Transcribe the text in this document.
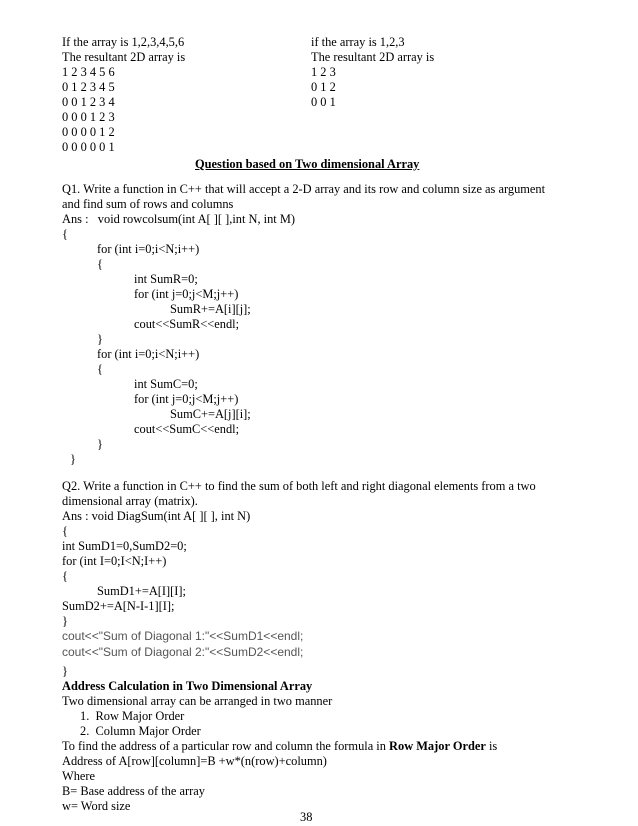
If the array is 1,2,3,4,5,6
The resultant 2D array is
1 2 3 4 5 6
0 1 2 3 4 5
0 0 1 2 3 4
0 0 0 1 2 3
0 0 0 0 1 2
0 0 0 0 0 1
if the array is 1,2,3
The resultant 2D array is
1 2 3
0 1 2
0 0 1
Question based on Two dimensional Array
Q1. Write a function in C++ that will accept a 2-D array and its row and column size as argument
and find sum of rows and columns
Ans :   void rowcolsum(int A[ ][ ],int N, int M)
{
for (int i=0;i<N;i++)
{
int SumR=0;
for (int j=0;j<M;j++)
SumR+=A[i][j];
cout<<SumR<<endl;
}
for (int i=0;i<N;i++)
{
int SumC=0;
for (int j=0;j<M;j++)
SumC+=A[j][i];
cout<<SumC<<endl;
}
}
Q2. Write a function in C++ to find the sum of both left and right diagonal elements from a two
dimensional array (matrix).
Ans : void DiagSum(int A[ ][ ], int N)
{
int SumD1=0,SumD2=0;
for (int I=0;I<N;I++)
{
SumD1+=A[I][I];
SumD2+=A[N-I-1][I];
}
cout<<"Sum of Diagonal 1:"<<SumD1<<endl;
cout<<"Sum of Diagonal 2:"<<SumD2<<endl;
}
Address Calculation in Two Dimensional Array
Two dimensional array can be arranged in two manner
1.  Row Major Order
2.  Column Major Order
To find the address of a particular row and column the formula in Row Major Order is
Address of A[row][column]=B +w*(n(row)+column)
Where
B= Base address of the array
w= Word size
38
